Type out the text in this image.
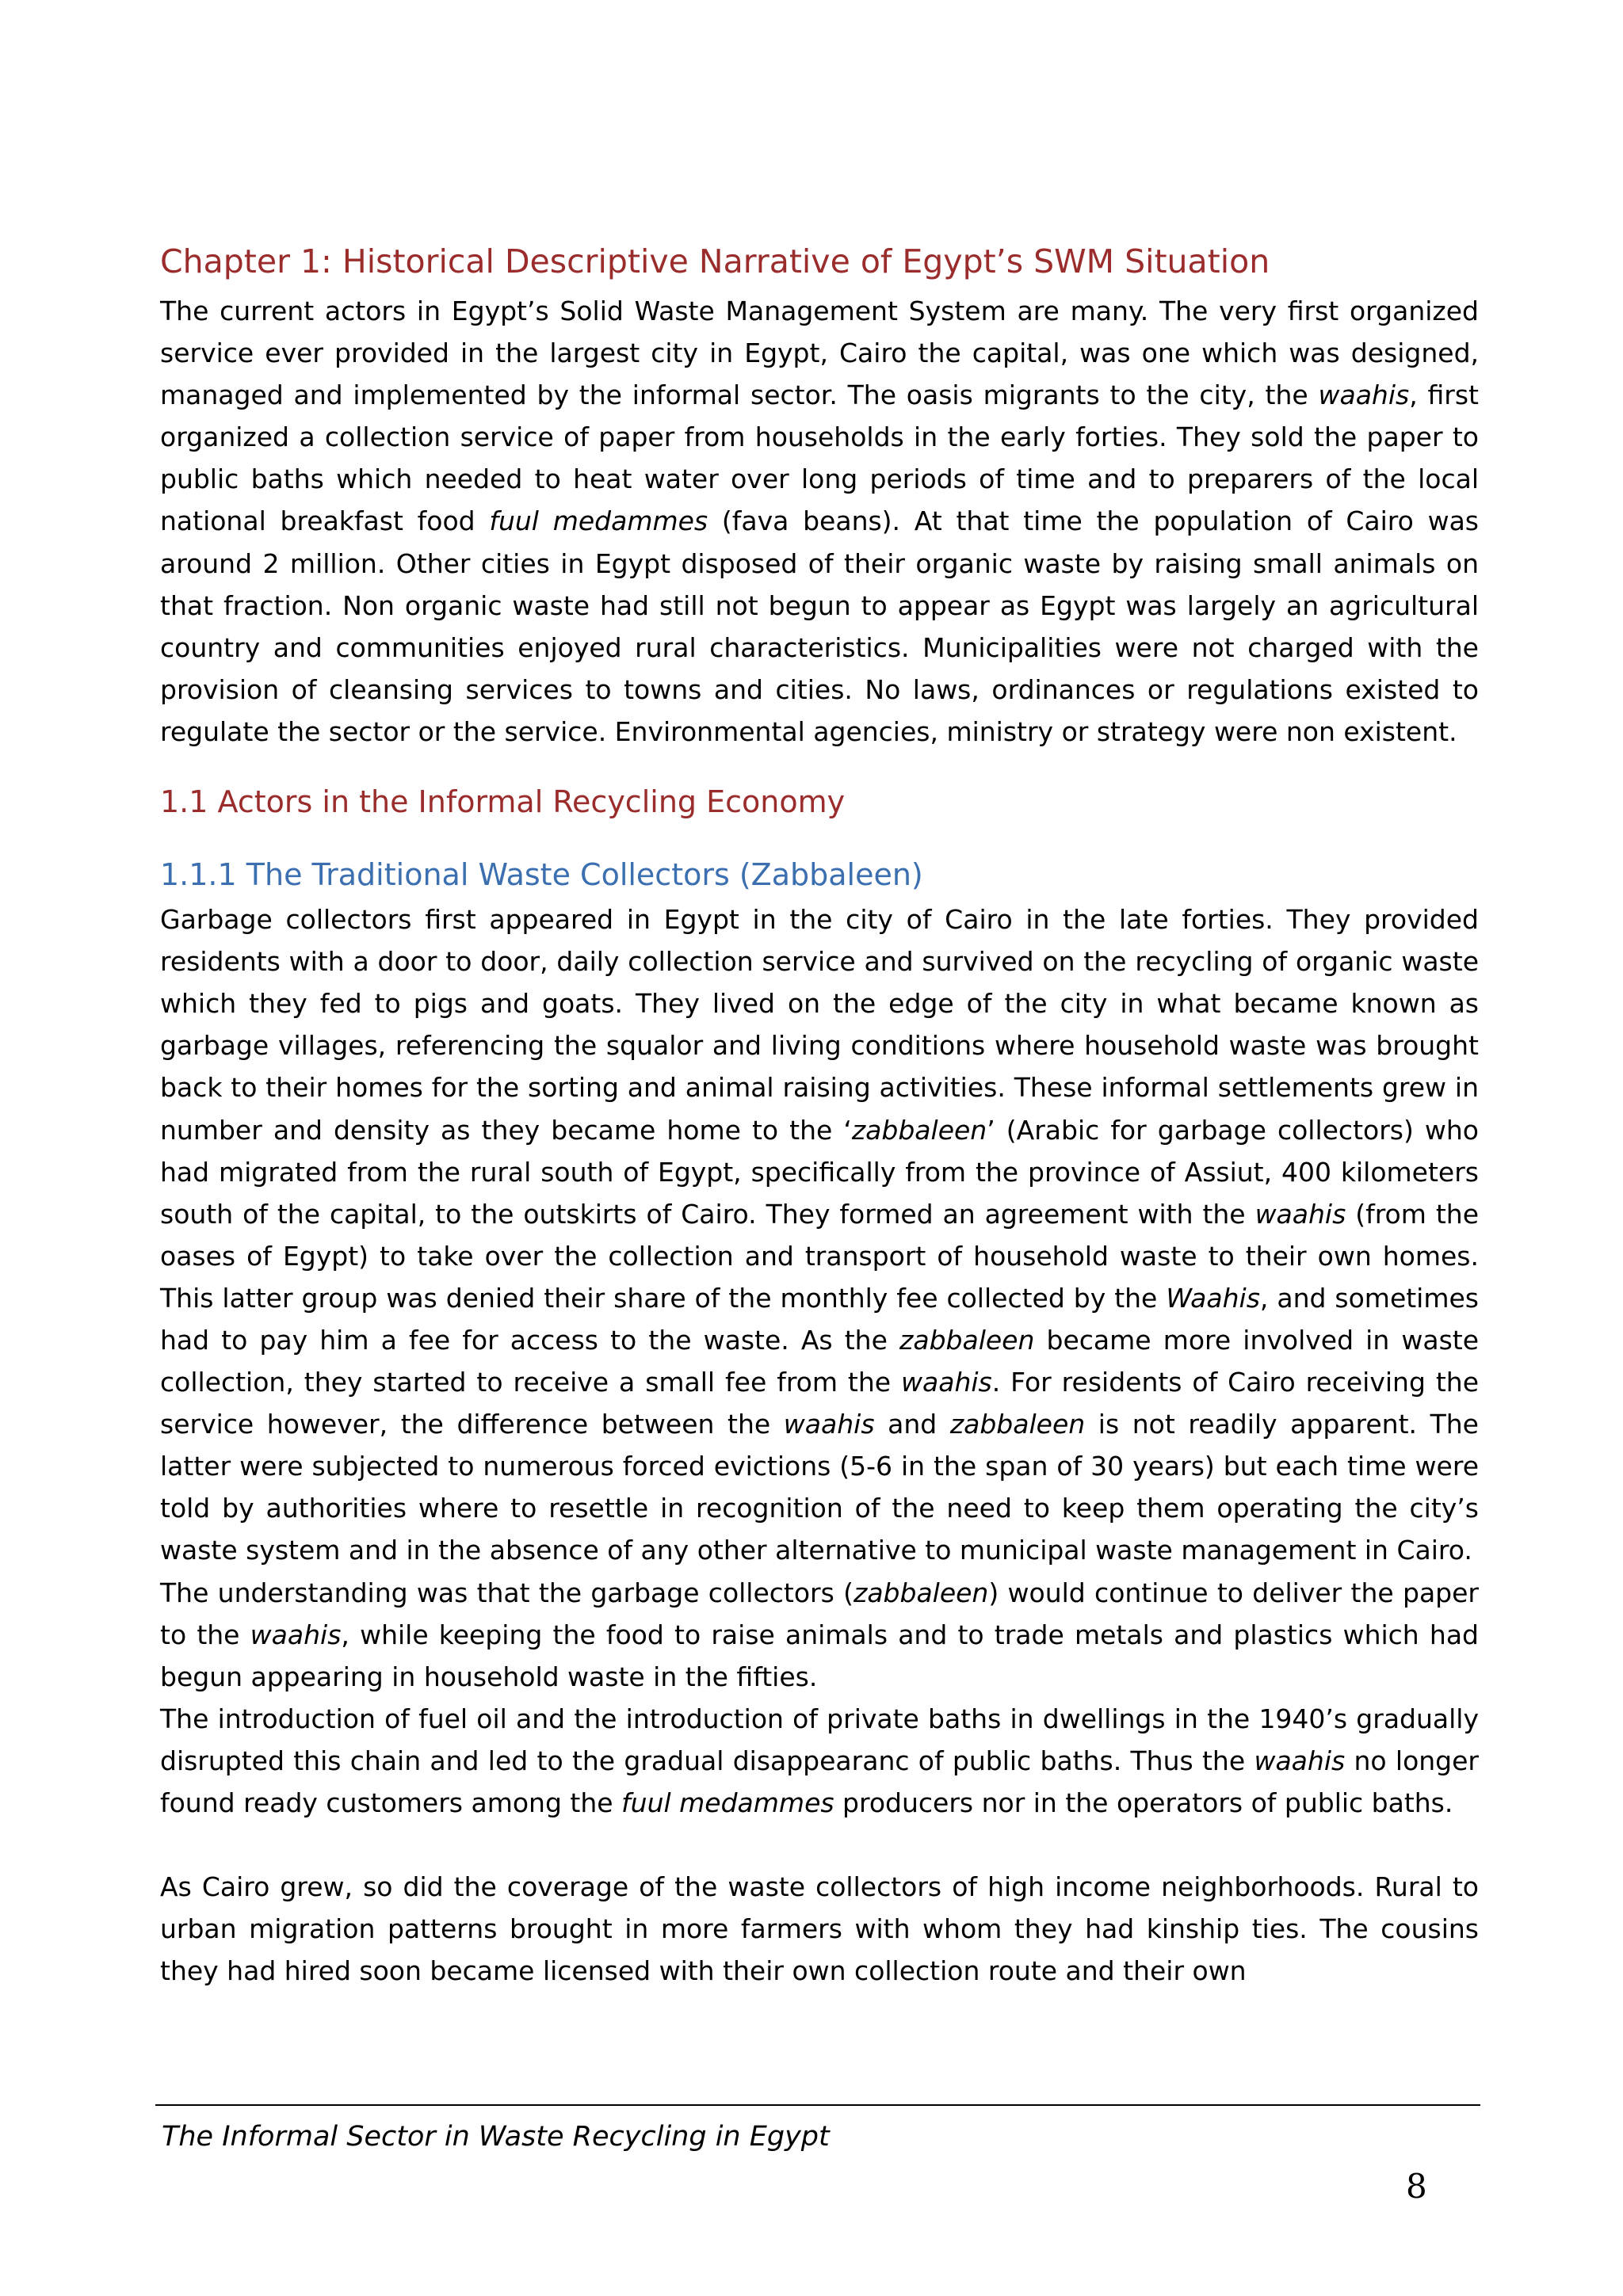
Chapter 1: Historical Descriptive Narrative of Egypt’s SWM Situation

The current actors in Egypt’s Solid Waste Management System are many. The very first organized service ever provided in the largest city in Egypt, Cairo the capital, was one which was designed, managed and implemented by the informal sector. The oasis migrants to the city, the waahis, first organized a collection service of paper from households in the early forties. They sold the paper to public baths which needed to heat water over long periods of time and to preparers of the local national breakfast food fuul medammes (fava beans). At that time the population of Cairo was around 2 million. Other cities in Egypt disposed of their organic waste by raising small animals on that fraction. Non organic waste had still not begun to appear as Egypt was largely an agricultural country and communities enjoyed rural characteristics. Municipalities were not charged with the provision of cleansing services to towns and cities. No laws, ordinances or regulations existed to regulate the sector or the service. Environmental agencies, ministry or strategy were non existent.

1.1 Actors in the Informal Recycling Economy
1.1.1 The Traditional Waste Collectors (Zabbaleen)

Garbage collectors first appeared in Egypt in the city of Cairo in the late forties. They provided residents with a door to door, daily collection service and survived on the recycling of organic waste which they fed to pigs and goats. They lived on the edge of the city in what became known as garbage villages, referencing the squalor and living conditions where household waste was brought back to their homes for the sorting and animal raising activities. These informal settlements grew in number and density as they became home to the ‘zabbaleen’ (Arabic for garbage collectors) who had migrated from the rural south of Egypt, specifically from the province of Assiut, 400 kilometers south of the capital, to the outskirts of Cairo. They formed an agreement with the waahis (from the oases of Egypt) to take over the collection and transport of household waste to their own homes. This latter group was denied their share of the monthly fee collected by the Waahis, and sometimes had to pay him a fee for access to the waste. As the zabbaleen became more involved in waste collection, they started to receive a small fee from the waahis. For residents of Cairo receiving the service however, the difference between the waahis and zabbaleen is not readily apparent. The latter were subjected to numerous forced evictions (5-6 in the span of 30 years) but each time were told by authorities where to resettle in recognition of the need to keep them operating the city’s waste system and in the absence of any other alternative to municipal waste management in Cairo.

The understanding was that the garbage collectors (zabbaleen) would continue to deliver the paper to the waahis, while keeping the food to raise animals and to trade metals and plastics which had begun appearing in household waste in the fifties.

The introduction of fuel oil and the introduction of private baths in dwellings in the 1940’s gradually disrupted this chain and led to the gradual disappearanc of public baths. Thus the waahis no longer found ready customers among the fuul medammes producers nor in the operators of public baths.

As Cairo grew, so did the coverage of the waste collectors of high income neighborhoods. Rural to urban migration patterns brought in more farmers with whom they had kinship ties. The cousins they had hired soon became licensed with their own collection route and their own

The Informal Sector in Waste Recycling in Egypt
8
